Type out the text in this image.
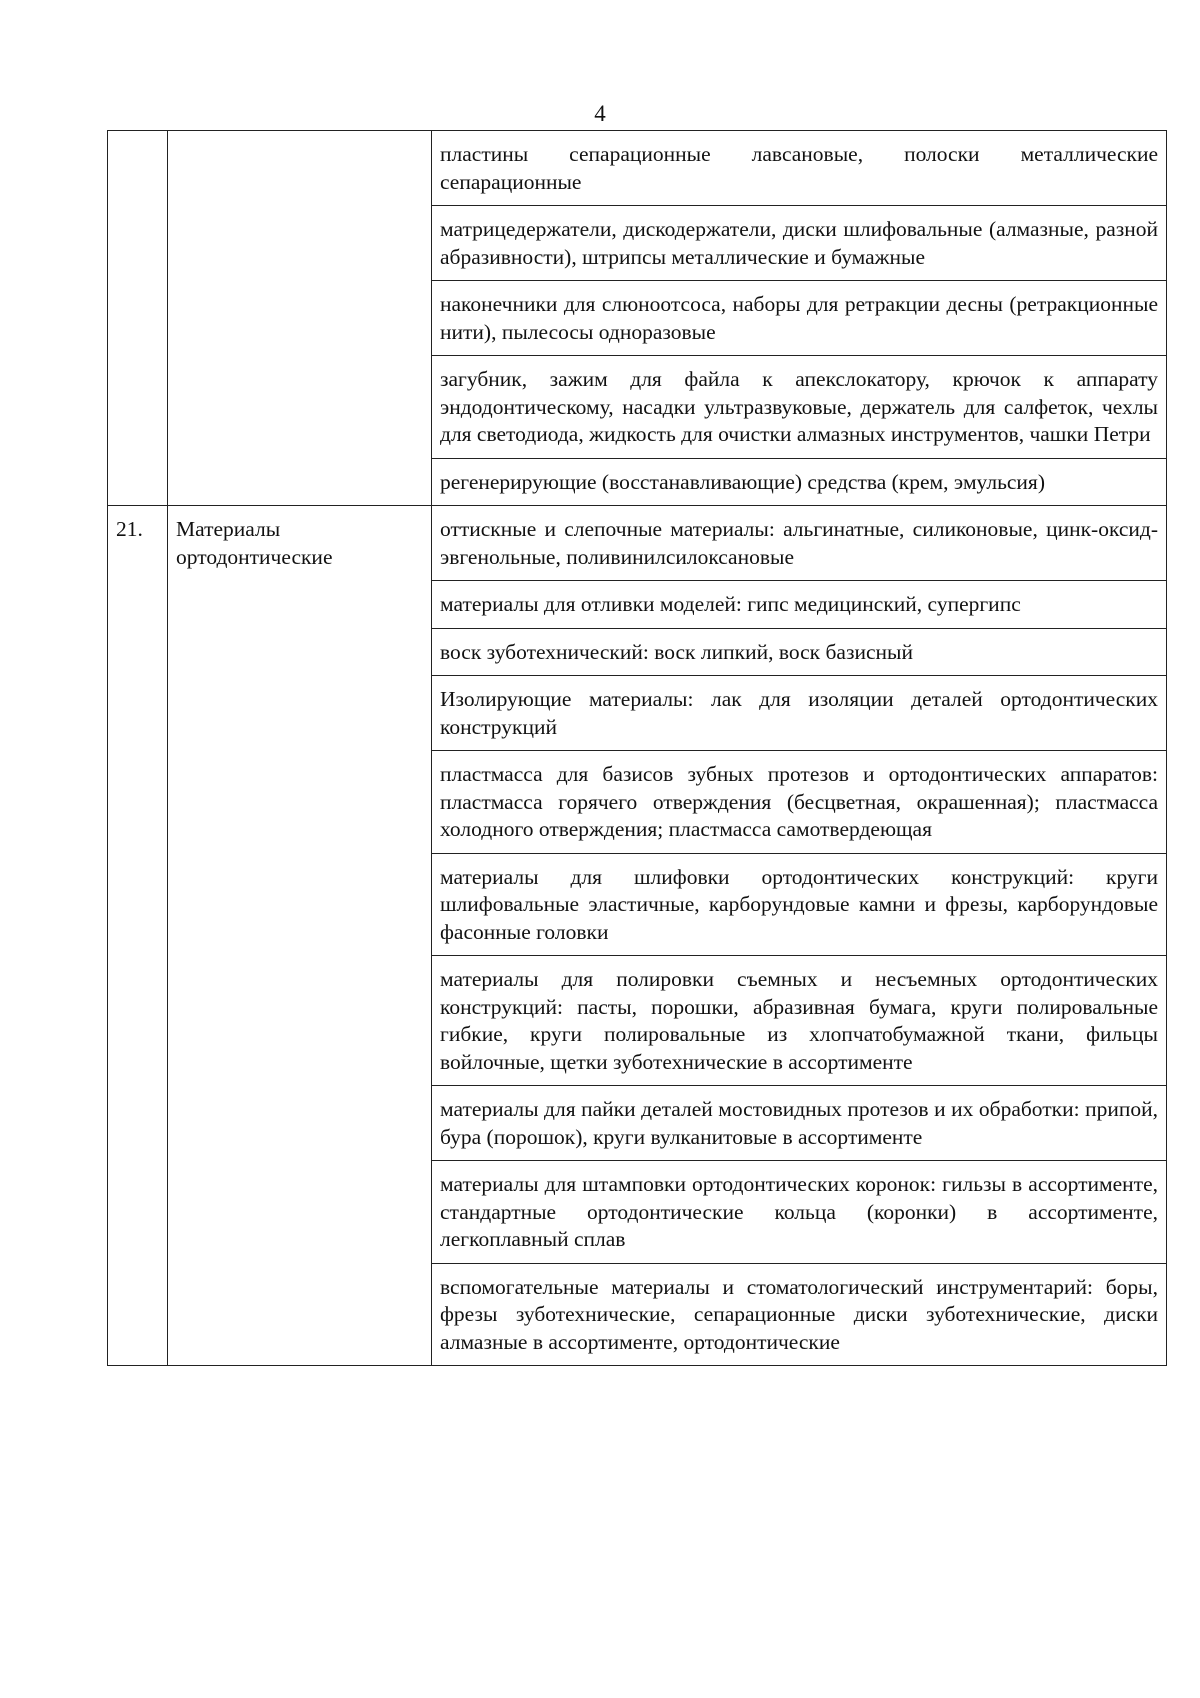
4
		пластины сепарационные лавсановые, полоски металлические сепарационные
		матрицедержатели, дискодержатели, диски шлифовальные (алмазные, разной абразивности), штрипсы металлические и бумажные
		наконечники для слюноотсоса, наборы для ретракции десны (ретракционные нити), пылесосы одноразовые
		загубник, зажим для файла к апекслокатору, крючок к аппарату эндодонтическому, насадки ультразвуковые, держатель для салфеток, чехлы для светодиода, жидкость для очистки алмазных инструментов, чашки Петри
		регенерирующие (восстанавливающие) средства (крем, эмульсия)
21.	Материалы ортодонтические	оттискные и слепочные материалы: альгинатные, силиконовые, цинк-оксид-эвгенольные, поливинилсилоксановые
		материалы для отливки моделей: гипс медицинский, супергипс
		воск зуботехнический: воск липкий, воск базисный
		Изолирующие материалы: лак для изоляции деталей ортодонтических конструкций
		пластмасса для базисов зубных протезов и ортодонтических аппаратов: пластмасса горячего отверждения (бесцветная, окрашенная); пластмасса холодного отверждения; пластмасса самотвердеющая
		материалы для шлифовки ортодонтических конструкций: круги шлифовальные эластичные, карборундовые камни и фрезы, карборундовые фасонные головки
		материалы для полировки съемных и несъемных ортодонтических конструкций: пасты, порошки, абразивная бумага, круги полировальные гибкие, круги полировальные из хлопчатобумажной ткани, фильцы войлочные, щетки зуботехнические в ассортименте
		материалы для пайки деталей мостовидных протезов и их обработки: припой, бура (порошок), круги вулканитовые в ассортименте
		материалы для штамповки ортодонтических коронок: гильзы в ассортименте, стандартные ортодонтические кольца (коронки) в ассортименте, легкоплавный сплав
		вспомогательные материалы и стоматологический инструментарий: боры, фрезы зуботехнические, сепарационные диски зуботехнические, диски алмазные в ассортименте, ортодонтические
